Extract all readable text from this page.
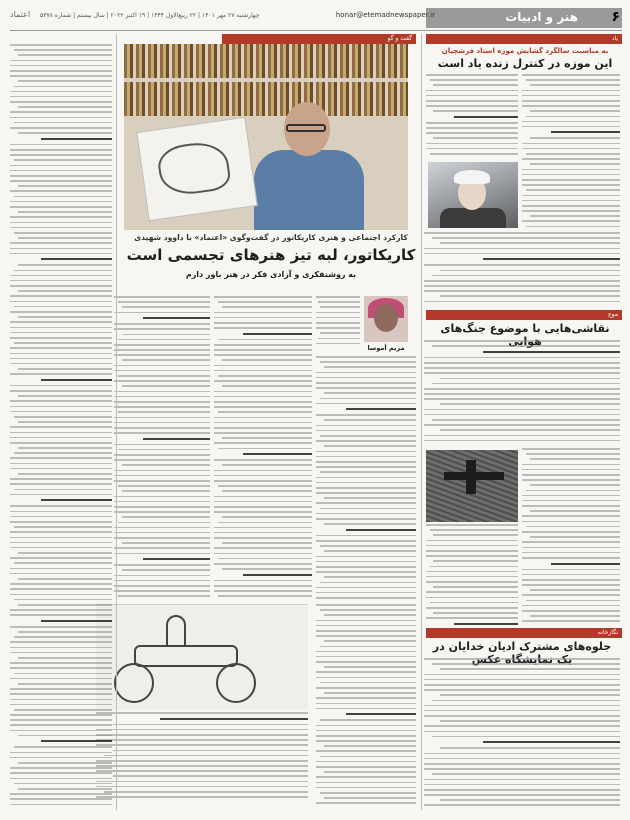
۶
هنر و ادبیات
honar@etemadnewspaper.ir
چهارشنبه ۲۷ مهر ۱۴۰۱ | ۲۲ ربیع‌الاول ۱۴۴۴ | ۱۹ اکتبر ۲۰۲۲ | سال بیستم | شماره ۵۳۷۸
اعتماد
یاد
به مناسبت سالگرد گشایش موزه استاد فرشچیان
این موزه در کنترل زنده یاد است
موج
نقاشی‌هایی با موضوع جنگ‌های
نگارخانه
جلوه‌های مشترک ادیان خدایان در
گفت و گو
کارکرد اجتماعی و هنری کاریکاتور در گفت‌وگوی «اعتماد» با داوود شهیدی
کاریکاتور، لبه تیز هنرهای تجسمی است
به روشنفکری و آزادی فکر در هنر باور دارم
مریم آموسا
